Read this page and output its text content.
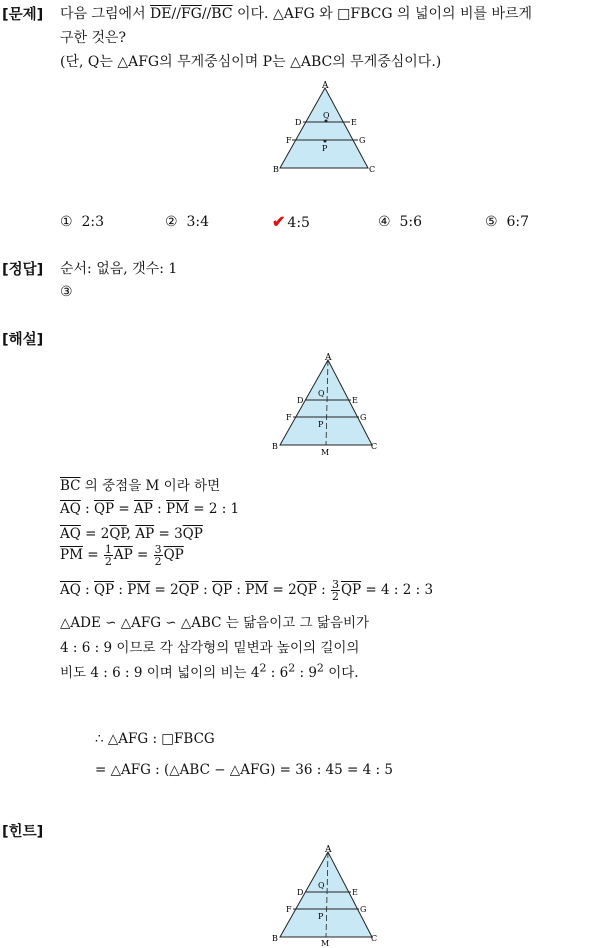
[문제] 다음 그림에서 $\overline{DE}//\overline{FG}//\overline{BC}$ 이다. △AFG 와 □FBCG 의 넓이의 비를 바르게
구한 것은?
(단, Q는 △AFG의 무게중심이며 P는 △ABC의 무게중심이다.)
A
D	E
F	G
B	C
Q
P
① 2:3	② 3:4	✔ 4:5	④ 5:6	⑤ 6:7
[정답] 순서: 없음, 갯수: 1
③
[해설]
A
D	E
F	G
B	C
Q
P
M
$\overline{BC}$ 의 중점을 M 이라 하면
$\overline{AQ}$ : $\overline{QP} = \overline{AP}$ : $\overline{PM} = 2$ : 1
$\overline{AQ} = 2\overline{QP}$, $\overline{AP} = 3\overline{QP}$
$\overline{PM} = \frac{1}{2} \overline{AP} = \frac{3}{2} \overline{QP}$
$\overline{AQ}$ : $\overline{QP}$ : $\overline{PM} = 2\overline{QP}$ : $\overline{QP}$ : $\overline{PM} = 2\overline{QP}$ : $\frac{3}{2} \overline{QP} = 4$ : 2 : 3
△ADE ∽ △AFG ∽ △ABC 는 닮음이고 그 닮음비가
4 : 6 : 9 이므로 각 삼각형의 밑변과 높이의 길이의
비도 4 : 6 : 9 이며 넓이의 비는 $4^2$ : $6^2$ : $9^2$ 이다.
∴ △AFG : □FBCG
= △AFG : (△ABC − △AFG) = 36 : 45 = 4 : 5
[힌트]
A
D	E
F	G
B	C
Q
P
M
